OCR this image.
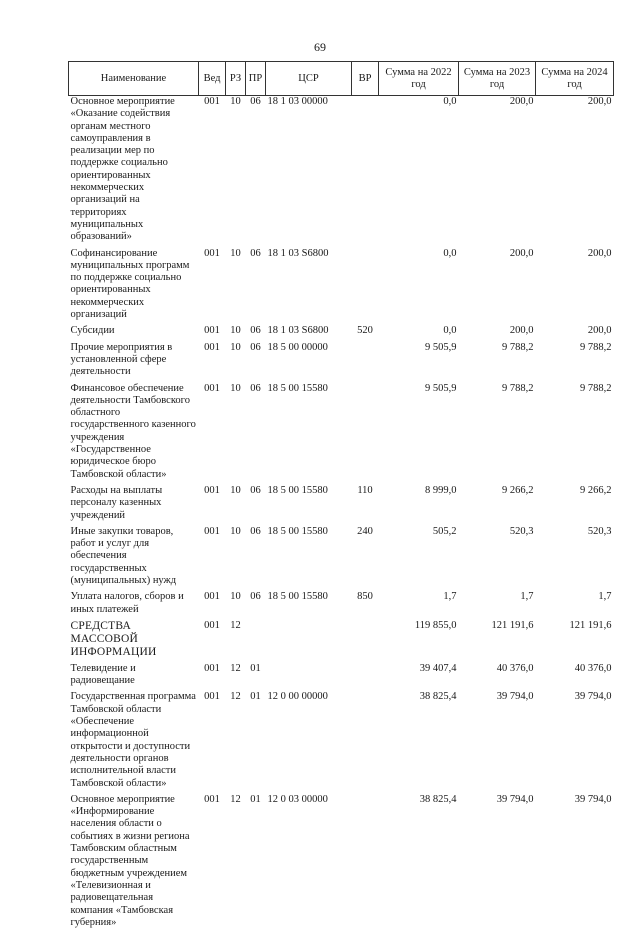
69
Наименование	Вед	РЗ	ПР	ЦСР	ВР	Сумма на 2022 год	Сумма на 2023 год	Сумма на 2024 год
Основное мероприятие «Оказание содействия органам местного самоуправления в реализации мер по поддержке социально ориентированных некоммерческих организаций на территориях муниципальных образований»	001	10	06	18 1 03 00000		0,0	200,0	200,0
Софинансирование муниципальных программ по поддержке социально ориентированных некоммерческих организаций	001	10	06	18 1 03 S6800		0,0	200,0	200,0
Субсидии	001	10	06	18 1 03 S6800	520	0,0	200,0	200,0
Прочие мероприятия в установленной сфере деятельности	001	10	06	18 5 00 00000		9 505,9	9 788,2	9 788,2
Финансовое обеспечение деятельности Тамбовского областного государственного казенного учреждения «Государственное юридическое бюро Тамбовской области»	001	10	06	18 5 00 15580		9 505,9	9 788,2	9 788,2
Расходы на выплаты персоналу казенных учреждений	001	10	06	18 5 00 15580	110	8 999,0	9 266,2	9 266,2
Иные закупки товаров, работ и услуг для обеспечения государственных (муниципальных) нужд	001	10	06	18 5 00 15580	240	505,2	520,3	520,3
Уплата налогов, сборов и иных платежей	001	10	06	18 5 00 15580	850	1,7	1,7	1,7
СРЕДСТВА МАССОВОЙ ИНФОРМАЦИИ	001	12				119 855,0	121 191,6	121 191,6
Телевидение и радиовещание	001	12	01			39 407,4	40 376,0	40 376,0
Государственная программа Тамбовской области «Обеспечение информационной открытости и доступности деятельности органов исполнительной власти Тамбовской области»	001	12	01	12 0 00 00000		38 825,4	39 794,0	39 794,0
Основное мероприятие «Информирование населения области о событиях в жизни региона Тамбовским областным государственным бюджетным учреждением «Телевизионная и радиовещательная компания «Тамбовская губерния»	001	12	01	12 0 03 00000		38 825,4	39 794,0	39 794,0
